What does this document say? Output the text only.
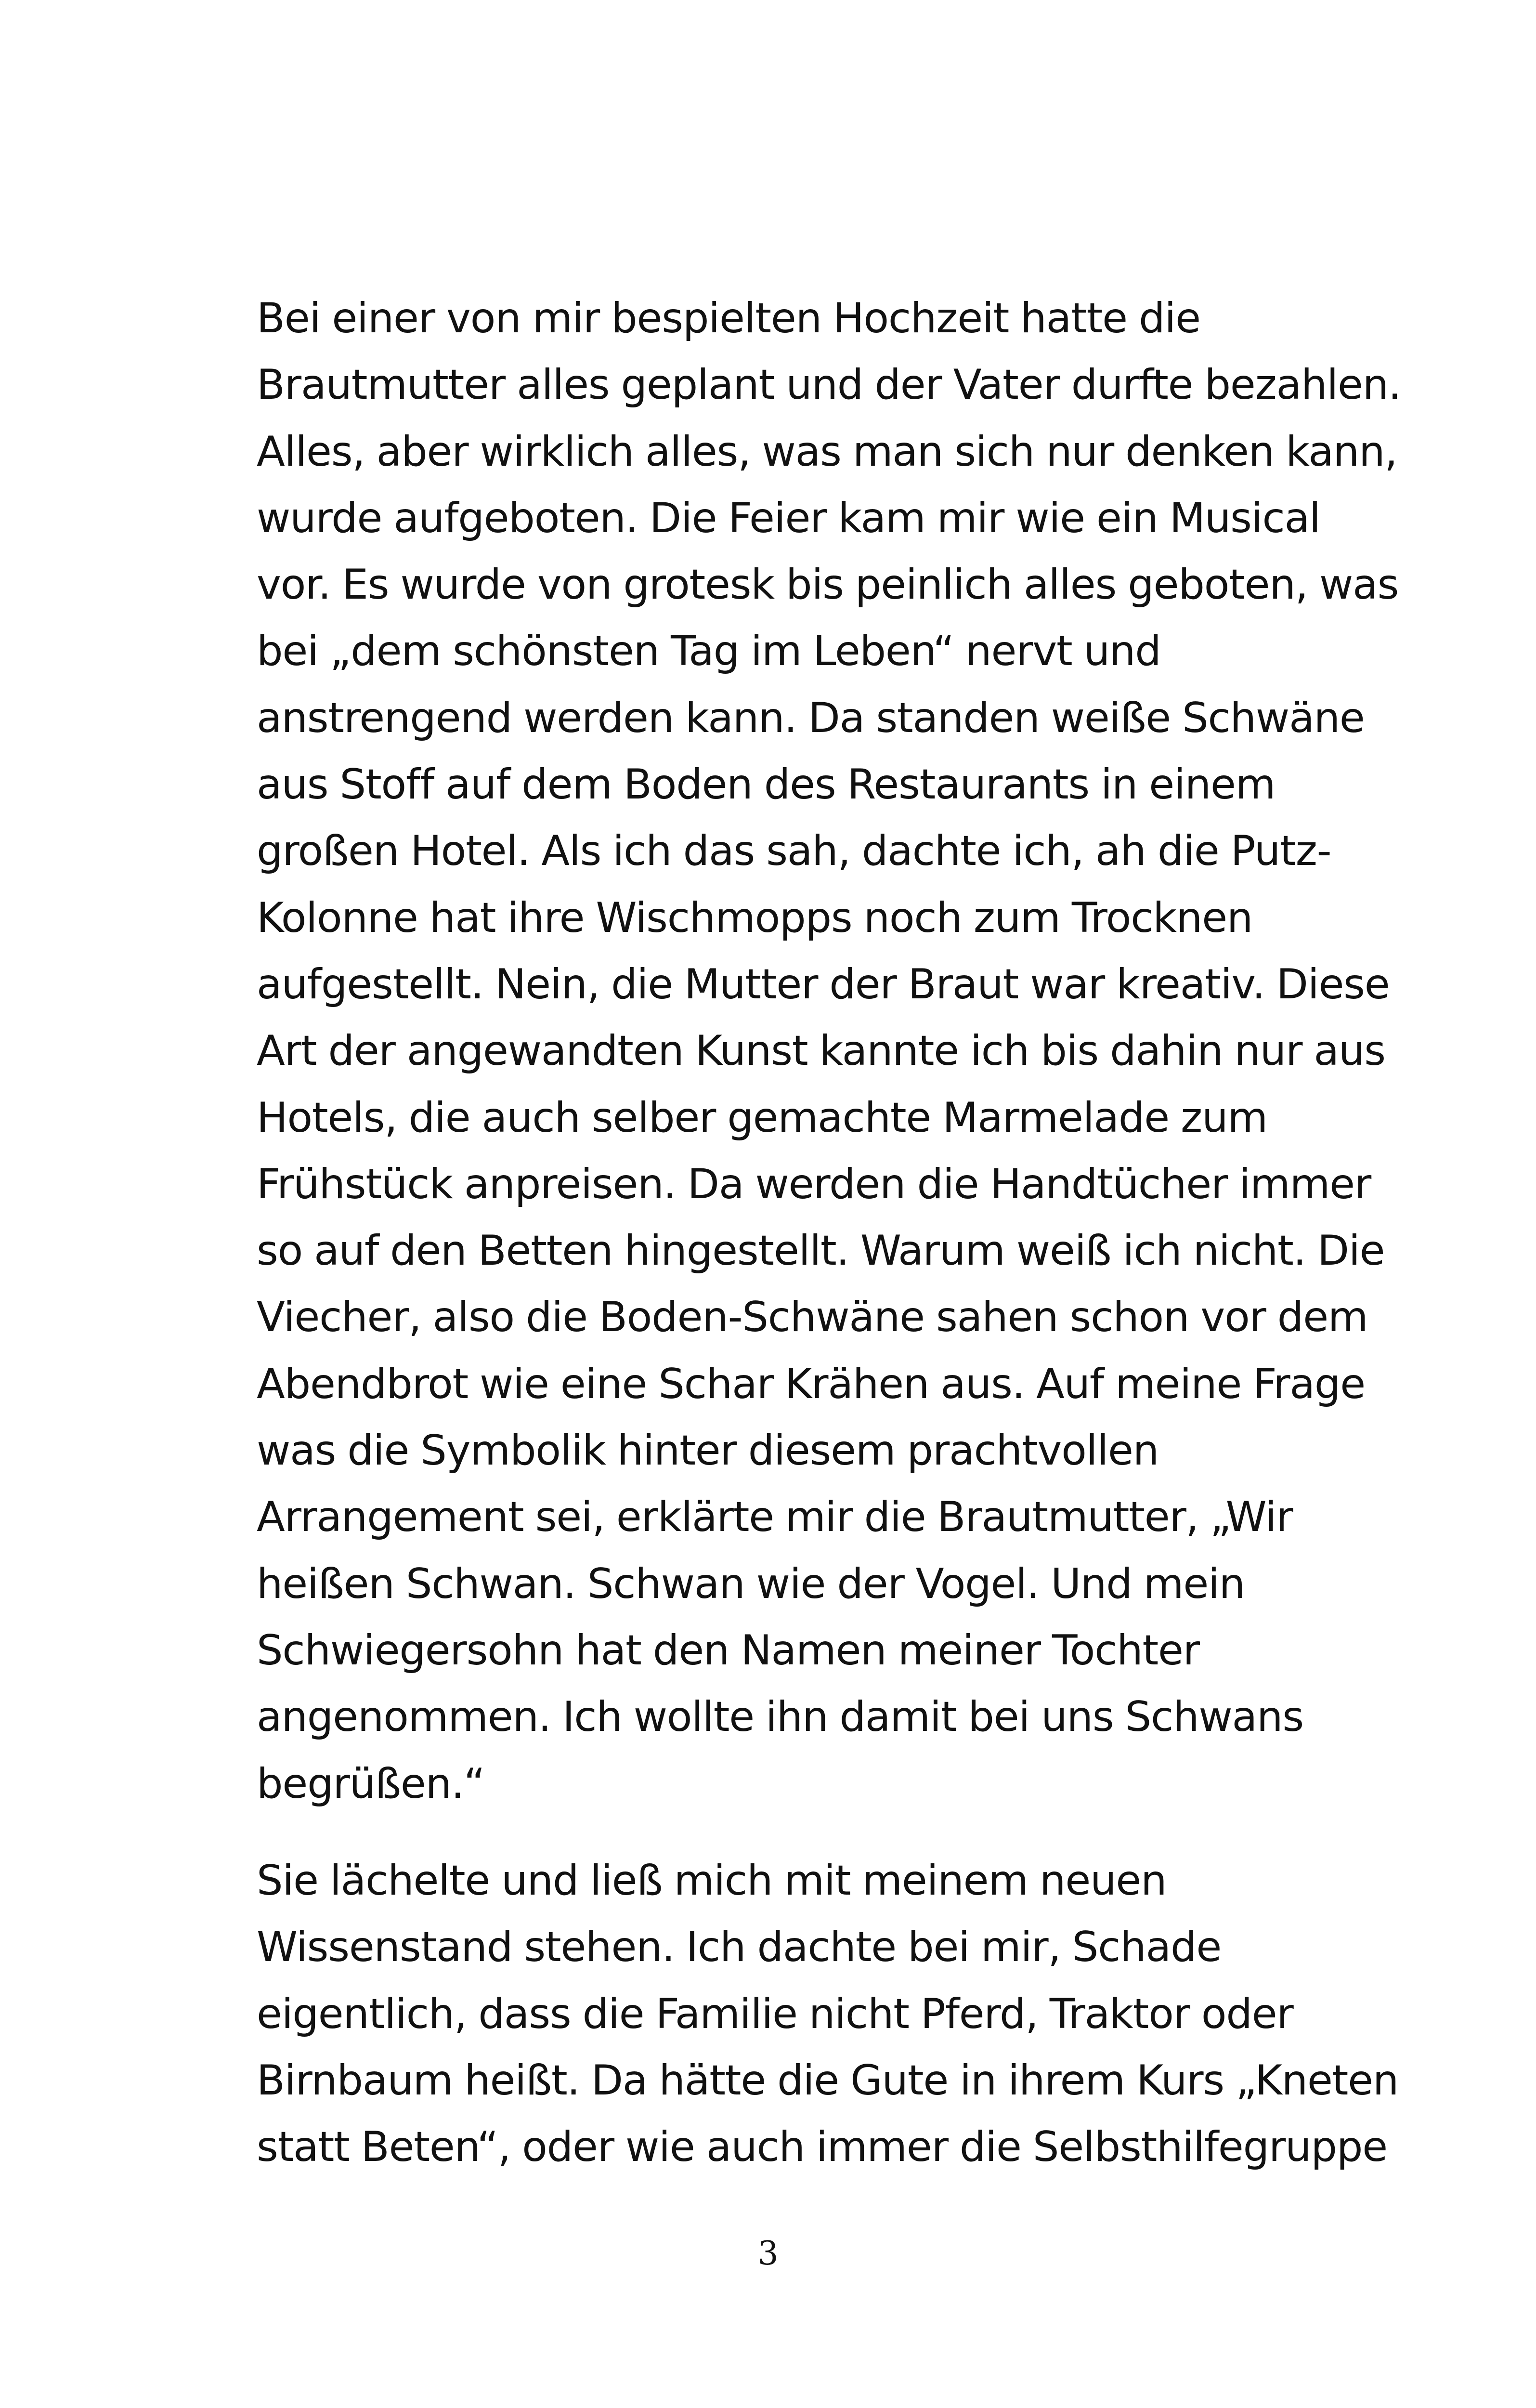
Bei einer von mir bespielten Hochzeit hatte die
Brautmutter alles geplant und der Vater durfte bezahlen.
Alles, aber wirklich alles, was man sich nur denken kann,
wurde aufgeboten. Die Feier kam mir wie ein Musical
vor. Es wurde von grotesk bis peinlich alles geboten, was
bei „dem schönsten Tag im Leben“ nervt und
anstrengend werden kann. Da standen weiße Schwäne
aus Stoff auf dem Boden des Restaurants in einem
großen Hotel. Als ich das sah, dachte ich, ah die Putz-
Kolonne hat ihre Wischmopps noch zum Trocknen
aufgestellt. Nein, die Mutter der Braut war kreativ. Diese
Art der angewandten Kunst kannte ich bis dahin nur aus
Hotels, die auch selber gemachte Marmelade zum
Frühstück anpreisen. Da werden die Handtücher immer
so auf den Betten hingestellt. Warum weiß ich nicht. Die
Viecher, also die Boden-Schwäne sahen schon vor dem
Abendbrot wie eine Schar Krähen aus. Auf meine Frage
was die Symbolik hinter diesem prachtvollen
Arrangement sei, erklärte mir die Brautmutter, „Wir
heißen Schwan. Schwan wie der Vogel. Und mein
Schwiegersohn hat den Namen meiner Tochter
angenommen. Ich wollte ihn damit bei uns Schwans
begrüßen.“
Sie lächelte und ließ mich mit meinem neuen
Wissenstand stehen. Ich dachte bei mir, Schade
eigentlich, dass die Familie nicht Pferd, Traktor oder
Birnbaum heißt. Da hätte die Gute in ihrem Kurs „Kneten
statt Beten“, oder wie auch immer die Selbsthilfegruppe
3
